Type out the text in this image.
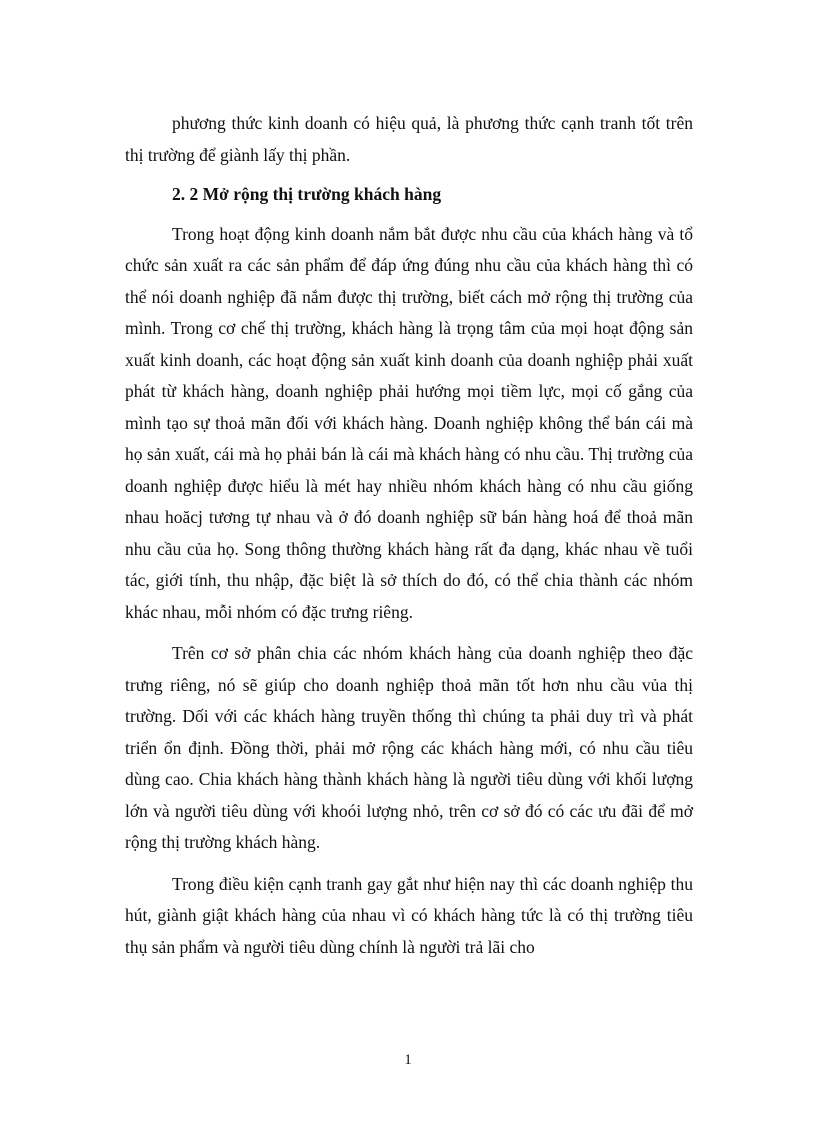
phương thức kinh doanh có hiệu quả, là phương thức cạnh tranh tốt trên thị trường để giành lấy thị phần.

2. 2 Mở rộng thị trường khách hàng

Trong hoạt động kinh doanh nắm bắt được nhu cầu của khách hàng và tổ chức sản xuất ra các sản phẩm để đáp ứng đúng nhu cầu của khách hàng thì có thể nói doanh nghiệp đã nắm được thị trường, biết cách mở rộng thị trường của mình. Trong cơ chế thị trường, khách hàng là trọng tâm của mọi hoạt động sản xuất kinh doanh, các hoạt động sản xuất kinh doanh của doanh nghiệp phải xuất phát từ khách hàng, doanh nghiệp phải hướng mọi tiềm lực, mọi cố gắng của mình tạo sự thoả mãn đối với khách hàng. Doanh nghiệp không thể bán cái mà họ sản xuất, cái mà họ phải bán là cái mà khách hàng có nhu cầu. Thị trường của doanh nghiệp được hiểu là mét hay nhiều nhóm khách hàng có nhu cầu giống nhau hoăcj tương tự nhau và ở đó doanh nghiệp sữ bán hàng hoá để thoả mãn nhu cầu của họ. Song thông thường khách hàng rất đa dạng, khác nhau về tuổi tác, giới tính, thu nhập, đặc biệt là sở thích do đó, có thể chia thành các nhóm khác nhau, mỗi nhóm có đặc trưng riêng.

Trên cơ sở phân chia các nhóm khách hàng của doanh nghiệp theo đặc trưng riêng, nó sẽ giúp cho doanh nghiệp thoả mãn tốt hơn nhu cầu vủa thị trường. Dối với các khách hàng truyền thống thì chúng ta phải duy trì và phát triển ổn định. Đồng thời, phải mở rộng các khách hàng mới, có nhu cầu tiêu dùng cao. Chia khách hàng thành khách hàng là người tiêu dùng với khối lượng lớn và người tiêu dùng với khoói lượng nhỏ, trên cơ sở đó có các ưu đãi để mở rộng thị trường khách hàng.

Trong điều kiện cạnh tranh gay gắt như hiện nay thì các doanh nghiệp thu hút, giành giật khách hàng của nhau vì có khách hàng tức là có thị trường tiêu thụ sản phẩm và người tiêu dùng chính là người trả lãi cho

1
